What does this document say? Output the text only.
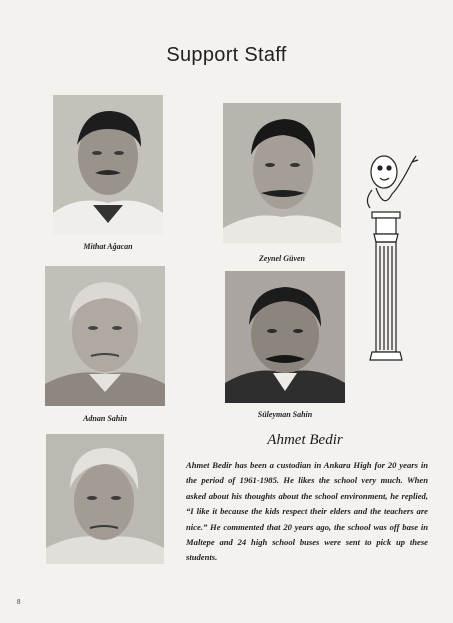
Support Staff
Mithat Ağacan
Zeynel Güven
Adnan Sahin	Süleyman Sahin
Ahmet Bedir
Ahmet Bedir has been a custodian in Ankara High for 20 years in the period of 1961-1985. He likes the school very much. When asked about his thoughts about the school environment, he replied, “I like it because the kids respect their elders and the teachers are nice.” He commented that 20 years ago, the school was off base in Maltepe and 24 high school buses were sent to pick up these students.
8
